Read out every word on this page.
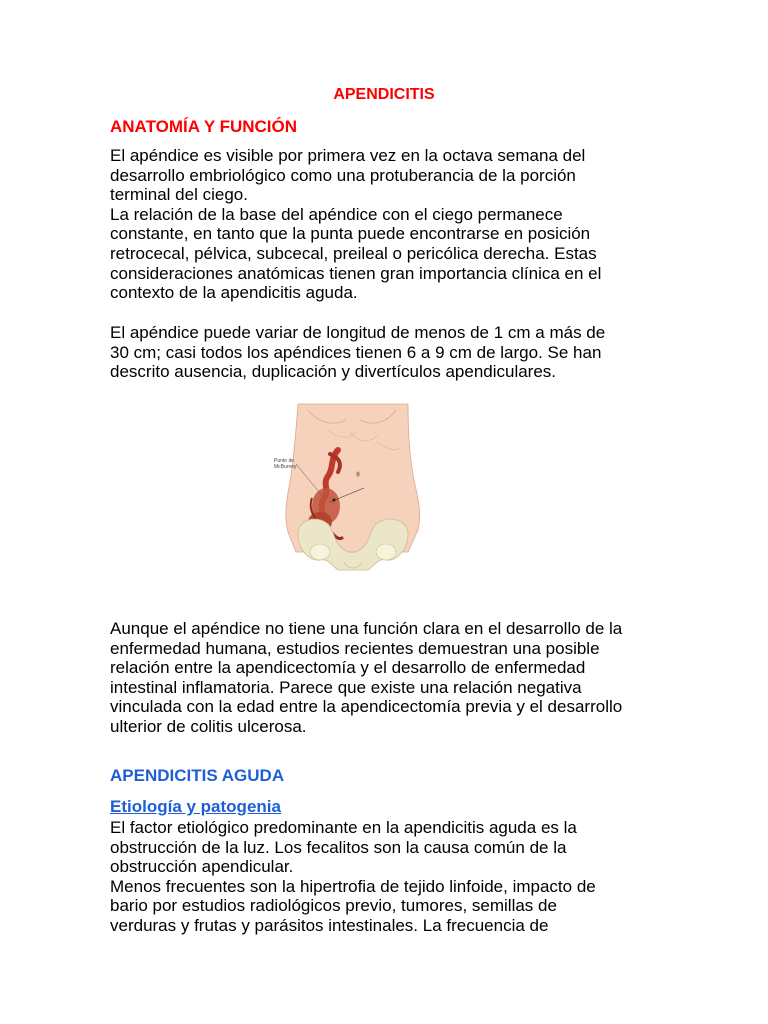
APENDICITIS
ANATOMÍA Y FUNCIÓN
El apéndice es visible por primera vez en la octava semana del
desarrollo embriológico como una protuberancia de la porción
terminal del ciego.
La relación de la base del apéndice con el ciego permanece
constante, en tanto que la punta puede encontrarse en posición
retrocecal, pélvica, subcecal, preileal o pericólica derecha. Estas
consideraciones anatómicas tienen gran importancia clínica en el
contexto de la apendicitis aguda.
El apéndice puede variar de longitud de menos de 1 cm a más de
30 cm; casi todos los apéndices tienen 6 a 9 cm de largo. Se han
descrito ausencia, duplicación y divertículos apendiculares.
Punto de
McBurney
Aunque el apéndice no tiene una función clara en el desarrollo de la
enfermedad humana, estudios recientes demuestran una posible
relación entre la apendicectomía y el desarrollo de enfermedad
intestinal inflamatoria. Parece que existe una relación negativa
vinculada con la edad entre la apendicectomía previa y el desarrollo
ulterior de colitis ulcerosa.
APENDICITIS AGUDA
Etiología y patogenia
El factor etiológico predominante en la apendicitis aguda es la
obstrucción de la luz. Los fecalitos son la causa común de la
obstrucción apendicular.
Menos frecuentes son la hipertrofia de tejido linfoide, impacto de
bario por estudios radiológicos previo, tumores, semillas de
verduras y frutas y parásitos intestinales. La frecuencia de
